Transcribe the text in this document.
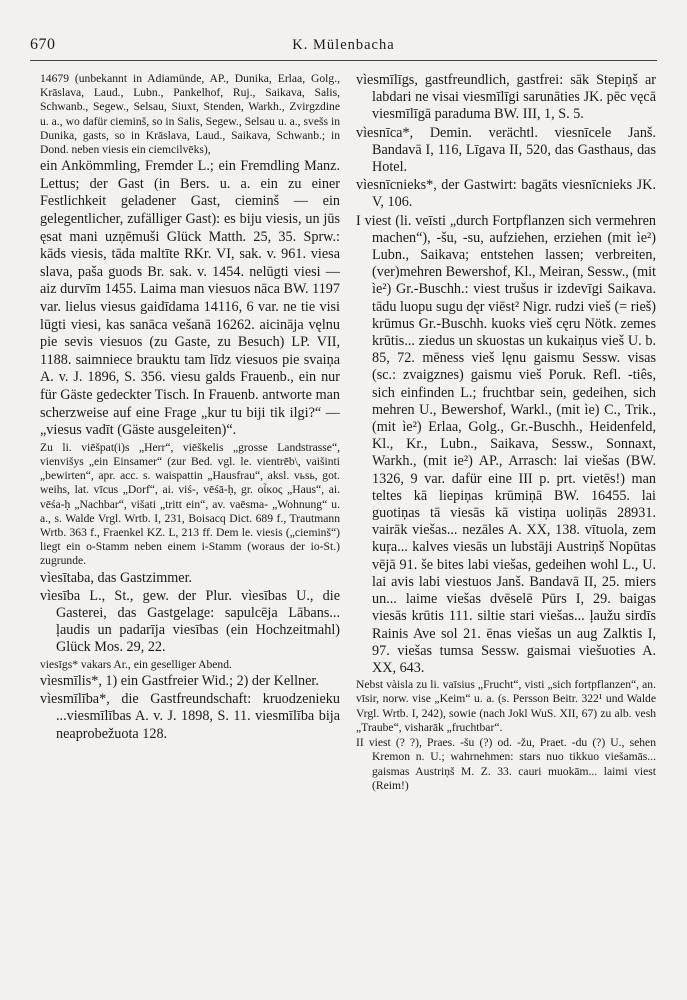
670	K. Mülenbacha

14679 (unbekannt in Adiamünde, AP., Dunika, Erlaa, Golg., Krāslava, Laud., Lubn., Pankelhof, Ruj., Saikava, Salis, Schwanb., Segew., Selsau, Siuxt, Stenden, Warkh., Zvirgzdine u. a., wo dafür cieminš, so in Salis, Segew., Selsau u. a., svešs in Dunika, gasts, so in Krāslava, Laud., Saikava, Schwanb.; in Dond. neben viesis ein ciemcilvēks),

ein Ankömmling, Fremder L.; ein Fremdling Manz. Lettus; der Gast (in Bers. u. a. ein zu einer Festlichkeit geladener Gast, cieminš — ein gelegentlicher, zufälliger Gast): es biju viesis, un jūs ęsat mani uzņēmuši Glück Matth. 25, 35. Sprw.: kāds viesis, tāda maltīte RKr. VI, sak. v. 961. viesa slava, paša guods Br. sak. v. 1454. nelūgti viesi — aiz durvīm 1455. Laima man viesuos nāca BW. 1197 var. lielus viesus gaidīdama 14116, 6 var. ne tie visi lūgti viesi, kas sanāca vešanā 16262. aicināja vęlnu pie sevis viesuos (zu Gaste, zu Besuch) LP. VII, 1188. saimniece brauktu tam līdz viesuos pie svaiņa A. v. J. 1896, S. 356. viesu galds Frauenb., ein nur für Gäste gedeckter Tisch. In Frauenb. antworte man scherzweise auf eine Frage „kur tu biji tik ilgi?“ — „viesus vadīt (Gäste ausgeleiten)“.

Zu li. viēšpat(i)s „Herr“, viēškelis „grosse Landstrasse“, vienvišys „ein Einsamer“ (zur Bed. vgl. le. vientrēb\, vaišinti „bewirten“, apr. acc. s. waispattin „Hausfrau“, aksl. vьsь, got. weihs, lat. vīcus „Dorf“, ai. viś-, vēśā-ḥ, gr. οἶκος „Haus“, ai. vēśa-ḥ „Nachbar“, višati „tritt ein“, av. vaēsma- „Wohnung“ u. a., s. Walde Vrgl. Wrtb. I, 231, Boisacq Dict. 689 f., Trautmann Wrtb. 363 f., Fraenkel KZ. L, 213 ff. Dem le. viesis („cieminš“) liegt ein o-Stamm neben einem i-Stamm (woraus der io-St.) zugrunde.

vìesītaba, das Gastzimmer.

vìesība L., St., gew. der Plur. vìesības U., die Gasterei, das Gastgelage: sapulcēja Lābans... ļaudis un padarīja viesības (ein Hochzeitmahl) Glück Mos. 29, 22.

viesīgs* vakars Ar., ein geselliger Abend.

vìesmīlis*, 1) ein Gastfreier Wid.; 2) der Kellner.

vìesmīlība*, die Gastfreundschaft: kruodzenieku ...viesmīlības A. v. J. 1898, S. 11. viesmīlība bija neaprobežuota 128.

vìesmīlīgs, gastfreundlich, gastfrei: sāk Stepiņš ar labdari ne visai viesmīlīgi sarunāties JK. pēc vęcā viesmīlīgā paraduma BW. III, 1, S. 5.

vìesnīca*, Demin. verächtl. viesnīcele Janš. Bandavā I, 116, Līgava II, 520, das Gasthaus, das Hotel.

vìesnīcnieks*, der Gastwirt: bagāts viesnīcnieks JK. V, 106.

I viest (li. veīsti „durch Fortpflanzen sich vermehren machen“), -šu, -su, aufziehen, erziehen (mit ìe²) Lubn., Saikava; entstehen lassen; verbreiten, (ver)mehren Bewershof, Kl., Meiran, Sessw., (mit ìe²) Gr.-Buschh.: viest trušus ir izdevīgi Saikava. tādu luopu sugu dęr viēst² Nigr. rudzi vieš (= rieš) krūmus Gr.-Buschh. kuoks vieš cęru Nötk. zemes krūtis... ziedus un skuostas un kukaiņus vieš U. b. 85, 72. mēness vieš lęnu gaismu Sessw. visas (sc.: zvaigznes) gaismu vieš Poruk. Refl. -tiês, sich einfinden L.; fruchtbar sein, gedeihen, sich mehren U., Bewershof, Warkl., (mit ìe) C., Trik., (mit ìe²) Erlaa, Golg., Gr.-Buschh., Heidenfeld, Kl., Kr., Lubn., Saikava, Sessw., Sonnaxt, Warkh., (mit ie²) AP., Arrasch: lai viešas (BW. 1326, 9 var. dafür eine III p. prt. vietēs!) man teltes kā liepiņas krūmiņā BW. 16455. lai guotiņas tā viesās kā vistiņa uoliņās 28931. vairāk viešas... nezāles A. XX, 138. vītuola, zem kuŗa... kalves viesās un lubstāji Austriņš Nopūtas vējā 91. še bites labi viešas, gedeihen wohl L., U. lai avis labi viestuos Janš. Bandavā II, 25. miers un... laime viešas dvēselē Pūrs I, 29. baigas viesās krūtis 111. siltie stari viešas... ļaužu sirdīs Rainis Ave sol 21. ēnas viešas un aug Zalktis I, 97. viešas tumsa Sessw. gaismai viešuoties A. XX, 643.

Nebst vàisla zu li. vaīsius „Frucht“, visti „sich fortpflanzen“, an. vīsir, norw. vise „Keim“ u. a. (s. Persson Beitr. 322¹ und Walde Vrgl. Wrtb. I, 242), sowie (nach Jokl WuS. XII, 67) zu alb. vesh „Traube“, visharāk „fruchtbar“.

II viest (? ?), Praes. -šu (?) od. -žu, Praet. -du (?) U., sehen Kremon n. U.; wahrnehmen: stars nuo tikkuo viešamās... gaismas Austriņš M. Z. 33. cauri muokām... laimi viest (Reim!)
